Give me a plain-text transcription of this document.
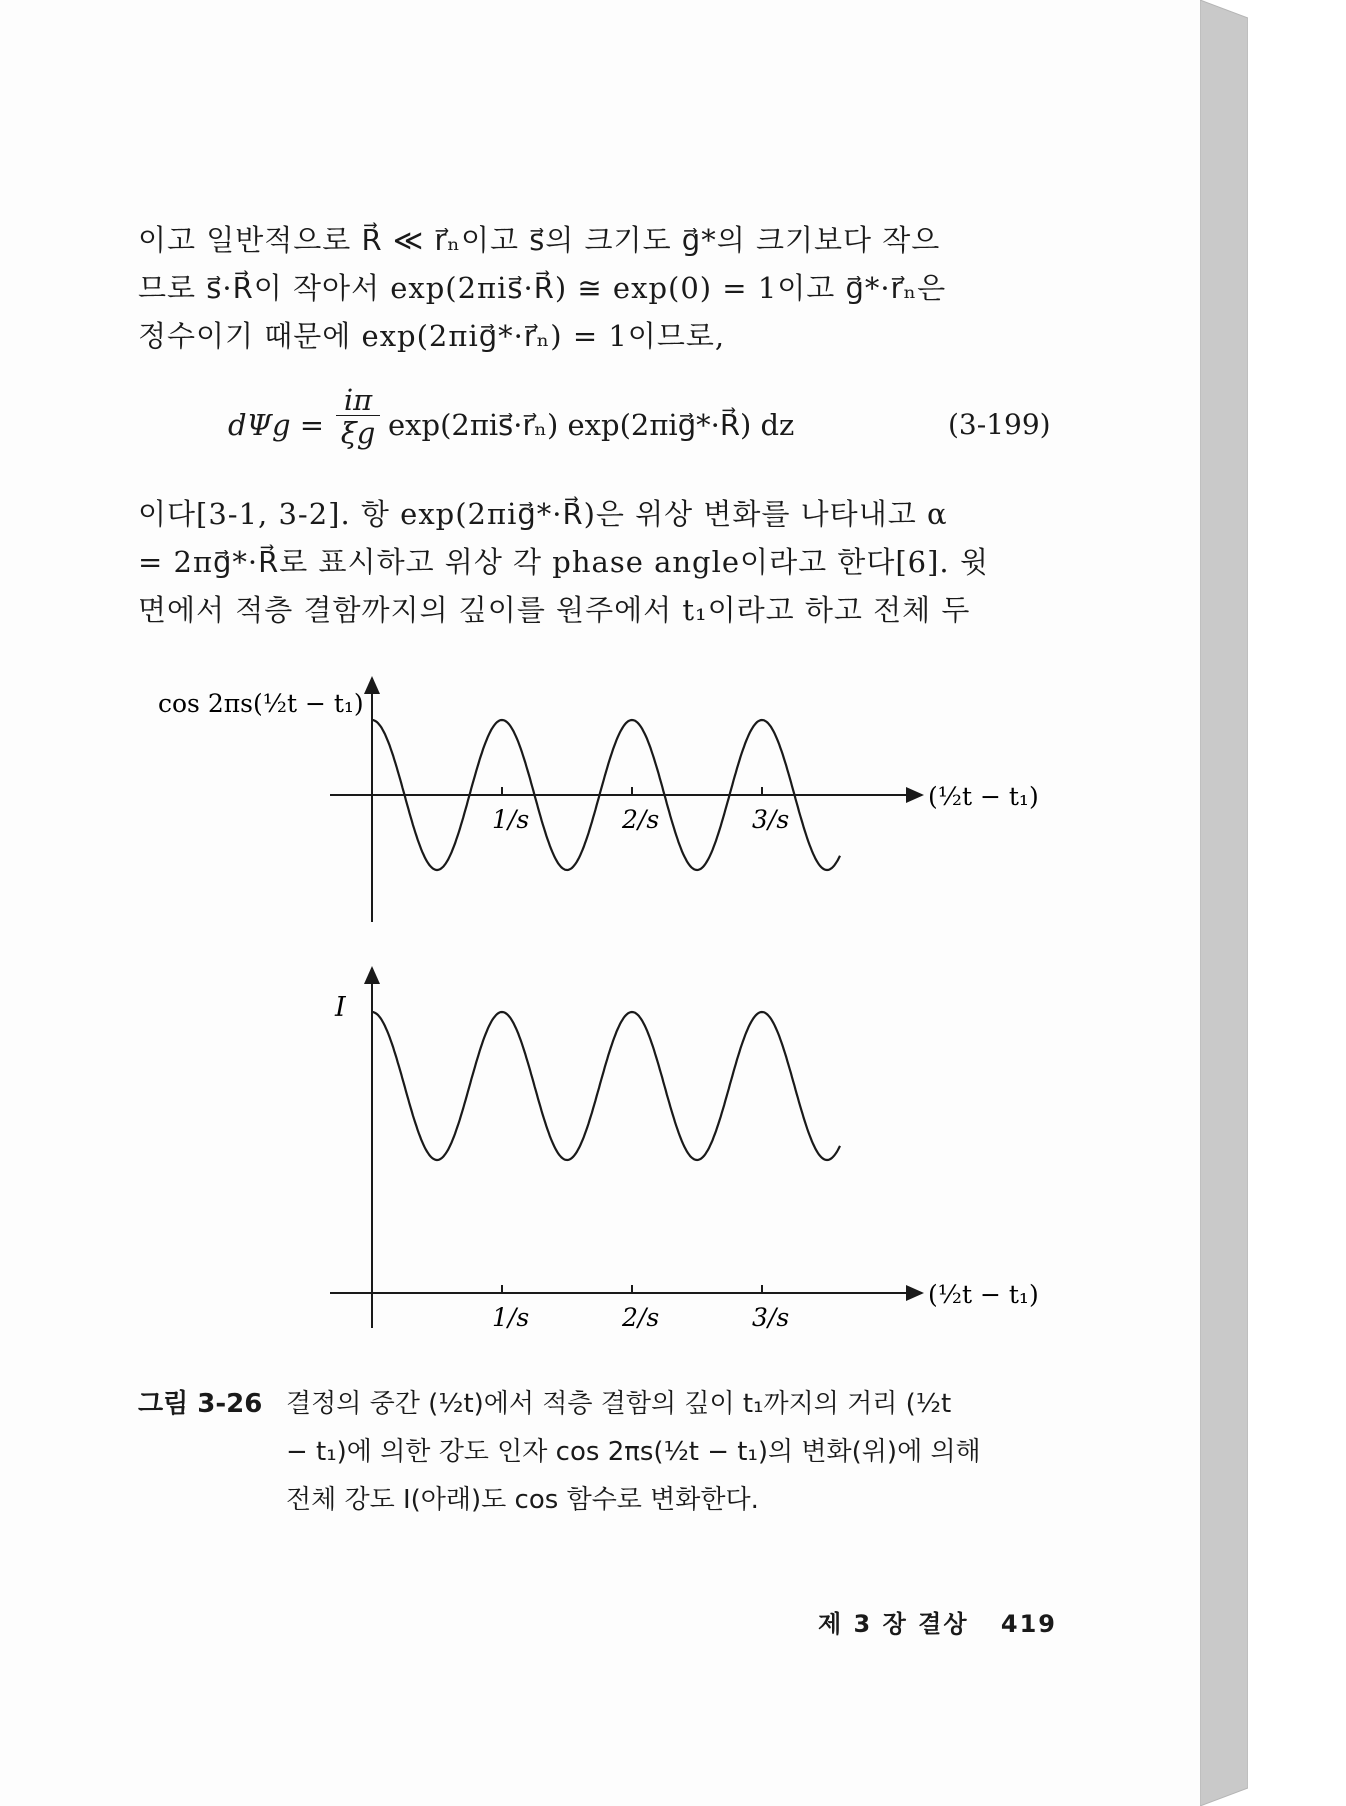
이고 일반적으로 R⃗ ≪ r⃗ₙ이고 s⃗의 크기도 g⃗*의 크기보다 작으
므로 s⃗·R⃗이 작아서 exp(2πis⃗·R⃗) ≅ exp(0) = 1이고 g⃗*·r⃗ₙ은
정수이기 때문에 exp(2πig⃗*·r⃗ₙ) = 1이므로,

dΨg =
iπ
ξg exp(2πis⃗·r⃗ₙ) exp(2πig⃗*·R⃗) dz	(3-199)

이다[3-1, 3-2]. 항 exp(2πig⃗*·R⃗)은 위상 변화를 나타내고 α
= 2πg⃗*·R⃗로 표시하고 위상 각 phase angle이라고 한다[6]. 윗
면에서 적층 결함까지의 깊이를 원주에서 t₁이라고 하고 전체 두

cos 2πs(½t − t₁)
(½t − t₁)
1/s	2/s	3/s
I
(½t − t₁)
1/s	2/s	3/s
그림 3-26 결정의 중간 (½t)에서 적층 결함의 깊이 t₁까지의 거리 (½t
− t₁)에 의한 강도 인자 cos 2πs(½t − t₁)의 변화(위)에 의해
전체 강도 I(아래)도 cos 함수로 변화한다.
제 3 장 결상 419
